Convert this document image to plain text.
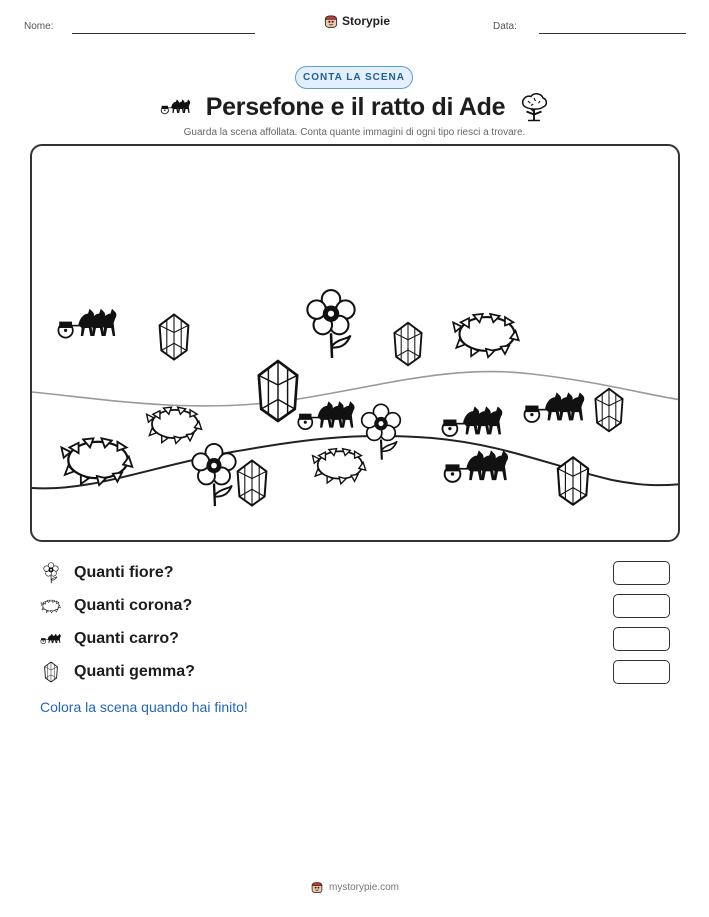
Nome:	Storypie	Data:
CONTA LA SCENA
Persefone e il ratto di Ade
Guarda la scena affollata. Conta quante immagini di ogni tipo riesci a trovare.
Quanti fiore?
Quanti corona?
Quanti carro?
Quanti gemma?
Colora la scena quando hai finito!
mystorypie.com
